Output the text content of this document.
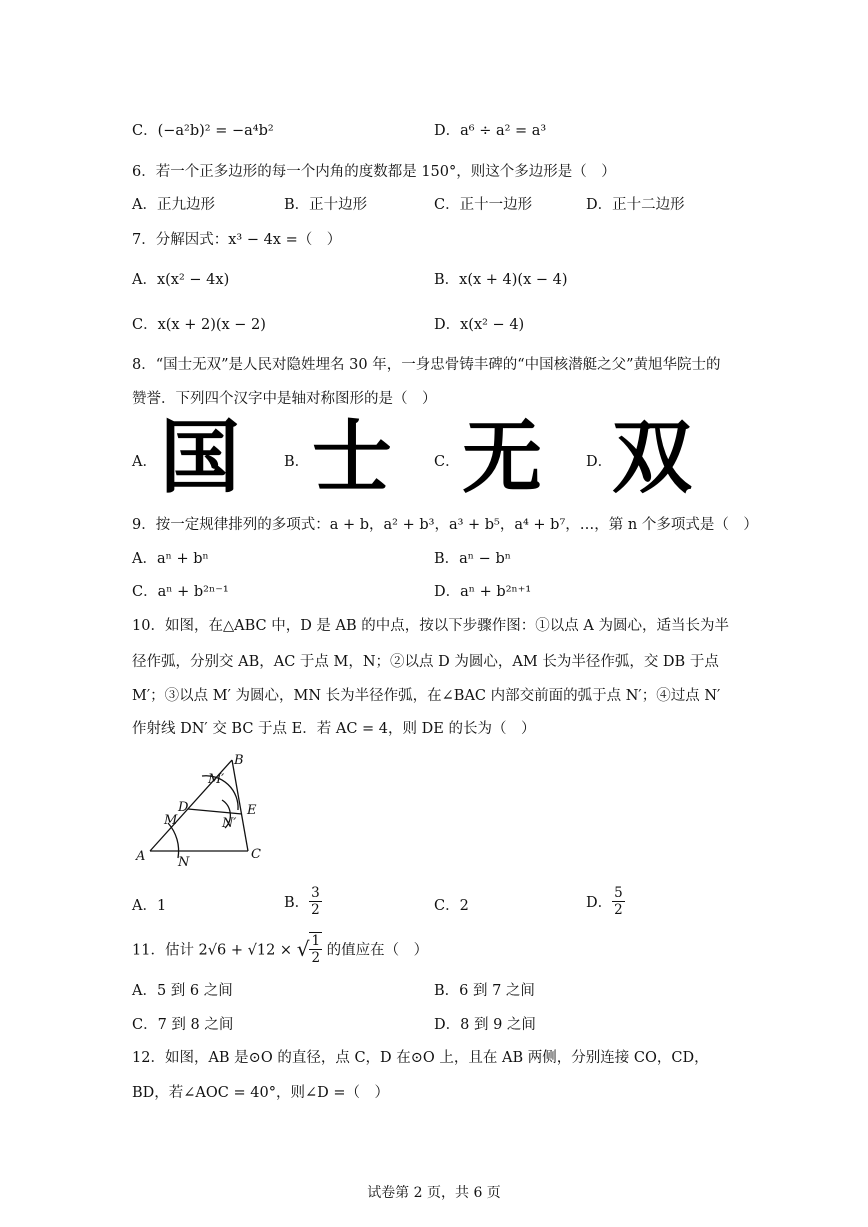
C．(−a²b)² = −a⁴b²	D．a⁶ ÷ a² = a³
6．若一个正多边形的每一个内角的度数都是 150°，则这个多边形是（　）
A．正九边形	B．正十边形	C．正十一边形	D．正十二边形
7．分解因式：x³ − 4x =（　）
A．x(x² − 4x)	B．x(x + 4)(x − 4)
C．x(x + 2)(x − 2)	D．x(x² − 4)
8．“国士无双”是人民对隐姓埋名 30 年，一身忠骨铸丰碑的“中国核潜艇之父”黄旭华院士的
赞誉．下列四个汉字中是轴对称图形的是（　）
A． 国	B． 士	C． 无	D． 双
9．按一定规律排列的多项式：a + b，a² + b³，a³ + b⁵，a⁴ + b⁷，…，第 n 个多项式是（　）
A．aⁿ + bⁿ	B．aⁿ − bⁿ
C．aⁿ + b²ⁿ⁻¹	D．aⁿ + b²ⁿ⁺¹
10．如图，在△ABC 中，D 是 AB 的中点，按以下步骤作图：①以点 A 为圆心，适当长为半
径作弧，分别交 AB，AC 于点 M，N；②以点 D 为圆心，AM 长为半径作弧，交 DB 于点
M′；③以点 M′ 为圆心，MN 长为半径作弧，在∠BAC 内部交前面的弧于点 N′；④过点 N′
作射线 DN′ 交 BC 于点 E．若 AC = 4，则 DE 的长为（　）
A
B
C
D	E
M
N
M′
N′
A．1	B． $\frac{3}{2}$	C．2	D． $\frac{5}{2}$
11．估计 2√6 + √12 × √ $\frac{1}{2}$ 的值应在（　）
A．5 到 6 之间	B．6 到 7 之间
C．7 到 8 之间	D．8 到 9 之间
12．如图，AB 是⊙O 的直径，点 C，D 在⊙O 上，且在 AB 两侧，分别连接 CO，CD，
BD，若∠AOC = 40°，则∠D =（　）
试卷第 2 页，共 6 页
